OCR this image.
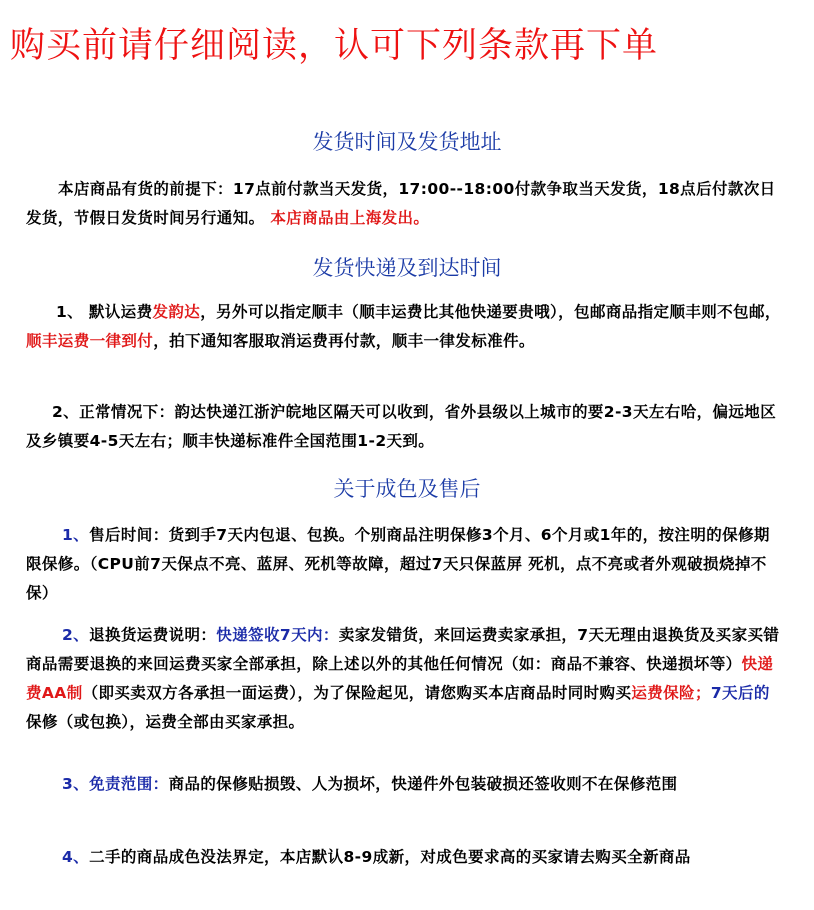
购买前请仔细阅读，认可下列条款再下单
发货时间及发货地址
本店商品有货的前提下：17点前付款当天发货，17:00--18:00付款争取当天发货，18点后付款次日发货，节假日发货时间另行通知。 本店商品由上海发出。
发货快递及到达时间
1、 默认运费发韵达，另外可以指定顺丰（顺丰运费比其他快递要贵哦），包邮商品指定顺丰则不包邮，顺丰运费一律到付，拍下通知客服取消运费再付款，顺丰一律发标准件。
2、正常情况下：韵达快递江浙沪皖地区隔天可以收到，省外县级以上城市的要2-3天左右哈，偏远地区及乡镇要4-5天左右；顺丰快递标准件全国范围1-2天到。
关于成色及售后
1、售后时间：货到手7天内包退、包换。个别商品注明保修3个月、6个月或1年的，按注明的保修期限保修。（CPU前7天保点不亮、蓝屏、死机等故障，超过7天只保蓝屏 死机，点不亮或者外观破损烧掉不保）
2、退换货运费说明：快递签收7天内：卖家发错货，来回运费卖家承担，7天无理由退换货及买家买错商品需要退换的来回运费买家全部承担，除上述以外的其他任何情况（如：商品不兼容、快递损坏等）快递费AA制（即买卖双方各承担一面运费），为了保险起见，请您购买本店商品时同时购买运费保险；7天后的保修（或包换），运费全部由买家承担。
3、免责范围：商品的保修贴损毁、人为损坏，快递件外包装破损还签收则不在保修范围
4、二手的商品成色没法界定，本店默认8-9成新，对成色要求高的买家请去购买全新商品
